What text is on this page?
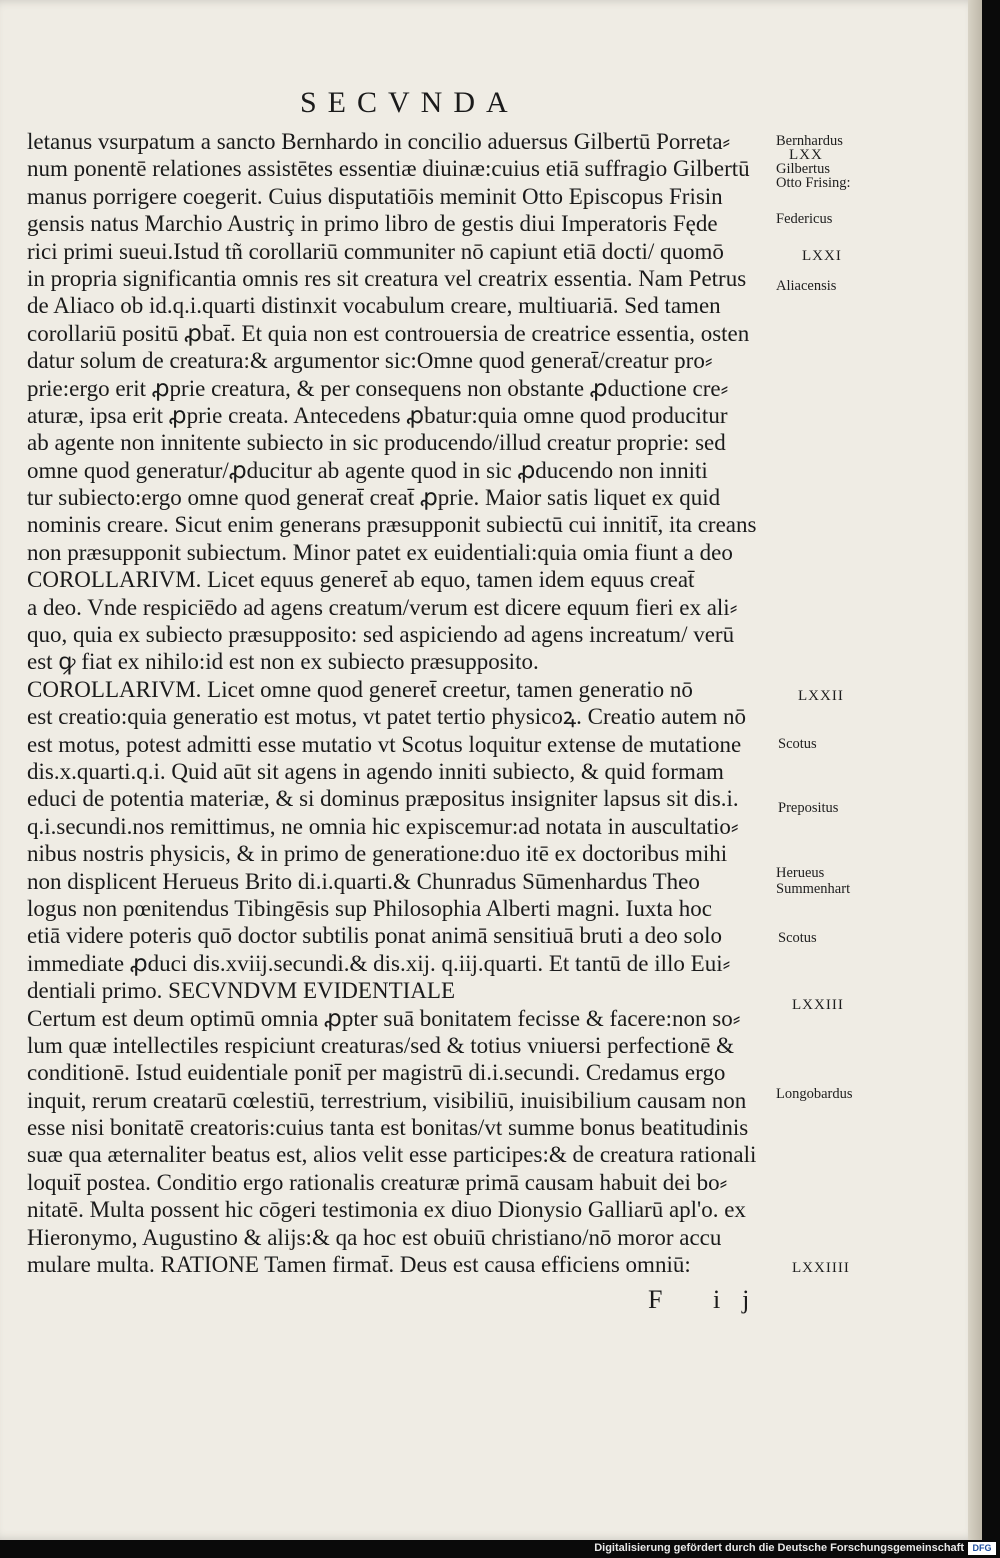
SECVNDA
letanus vsurpatum a sancto Bernhardo in concilio aduersus Gilbertū Porreta⸗
num ponentē relationes assistētes essentiæ diuinæ:cuius etiā suffragio Gilbertū
manus porrigere coegerit. Cuius disputatiōis meminit Otto Episcopus Frisin
gensis natus Marchio Austriç in primo libro de gestis diui Imperatoris Fęde
rici primi sueui.Istud tñ corollariū communiter nō capiunt etiā docti/ quomō
in propria significantia omnis res sit creatura vel creatrix essentia. Nam Petrus
de Aliaco ob id.q.i.quarti distinxit vocabulum creare, multiuariā. Sed tamen
corollariū positū ꝓbat̄. Et quia non est controuersia de creatrice essentia, osten
datur solum de creatura:& argumentor sic:Omne quod generat̄/creatur pro⸗
prie:ergo erit ꝓprie creatura, & per consequens non obstante ꝓductione cre⸗
aturæ, ipsa erit ꝓprie creata. Antecedens ꝓbatur:quia omne quod producitur
ab agente non innitente subiecto in sic producendo/illud creatur proprie: sed
omne quod generatur/ꝓducitur ab agente quod in sic ꝓducendo non inniti
tur subiecto:ergo omne quod generat̄ creat̄ ꝓprie. Maior satis liquet ex quid
nominis creare. Sicut enim generans præsupponit subiectū cui innitit̄, ita creans
non præsupponit subiectum. Minor patet ex euidentiali:quia omia fiunt a deo
COROLLARIVM. Licet equus generet̄ ab equo, tamen idem equus creat̄
a deo. Vnde respiciēdo ad agens creatum/verum est dicere equum fieri ex ali⸗
quo, quia ex subiecto præsupposito: sed aspiciendo ad agens increatum/ verū
est ꝙ fiat ex nihilo:id est non ex subiecto præsupposito.
COROLLARIVM. Licet omne quod generet̄ creetur, tamen generatio nō
est creatio:quia generatio est motus, vt patet tertio physicoꝝ. Creatio autem nō
est motus, potest admitti esse mutatio vt Scotus loquitur extense de mutatione
dis.x.quarti.q.i. Quid aūt sit agens in agendo inniti subiecto, & quid formam
educi de potentia materiæ, & si dominus præpositus insigniter lapsus sit dis.i.
q.i.secundi.nos remittimus, ne omnia hic expiscemur:ad notata in auscultatio⸗
nibus nostris physicis, & in primo de generatione:duo itē ex doctoribus mihi
non displicent Herueus Brito di.i.quarti.& Chunradus Sūmenhardus Theo
logus non pœnitendus Tibingēsis sup Philosophia Alberti magni. Iuxta hoc
etiā videre poteris quō doctor subtilis ponat animā sensitiuā bruti a deo solo
immediate ꝓduci dis.xviij.secundi.& dis.xij. q.iij.quarti. Et tantū de illo Eui⸗
dentiali primo. SECVNDVM EVIDENTIALE
Certum est deum optimū omnia ꝓpter suā bonitatem fecisse & facere:non so⸗
lum quæ intellectiles respiciunt creaturas/sed & totius vniuersi perfectionē &
conditionē. Istud euidentiale ponit̄ per magistrū di.i.secundi. Credamus ergo
inquit, rerum creatarū cœlestiū, terrestrium, visibiliū, inuisibilium causam non
esse nisi bonitatē creatoris:cuius tanta est bonitas/vt summe bonus beatitudinis
suæ qua æternaliter beatus est, alios velit esse participes:& de creatura rationali
loquit̄ postea. Conditio ergo rationalis creaturæ primā causam habuit dei bo⸗
nitatē. Multa possent hic cōgeri testimonia ex diuo Dionysio Galliarū apl'o. ex
Hieronymo, Augustino & alijs:& qa hoc est obuiū christiano/nō moror accu
mulare multa. RATIONE Tamen firmat̄. Deus est causa efficiens omniū:
Bernhardus
LXX
Gilbertus
Otto Frising:
Federicus
LXXI
Aliacensis
LXXII
Scotus
Prepositus
Herueus
Summenhart
Scotus
LXXIII
Longobardus
LXXIIII
F ij
Digitalisierung gefördert durch die Deutsche Forschungsgemeinschaft DFG
